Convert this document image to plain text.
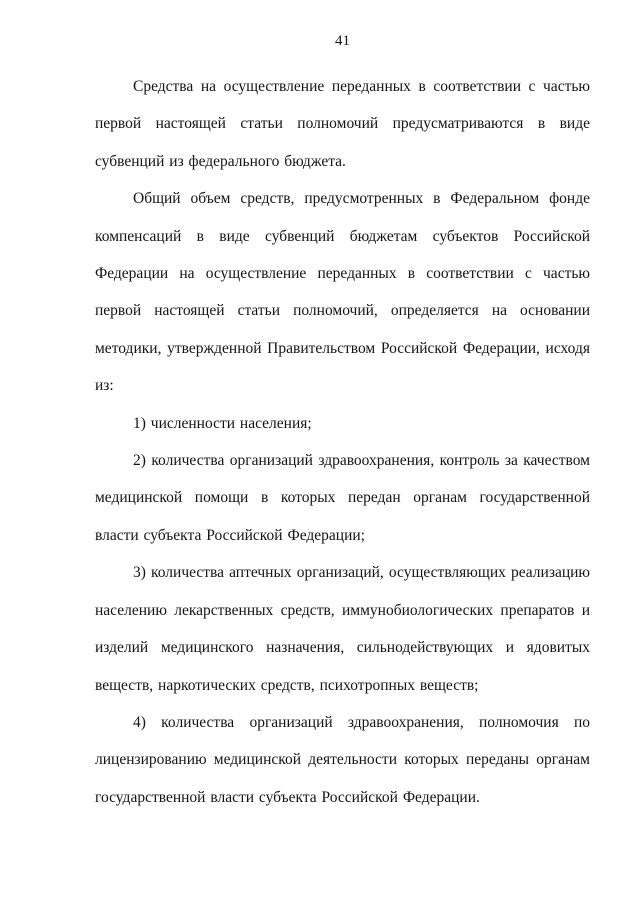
41

Средства на осуществление переданных в соответствии с частью первой настоящей статьи полномочий предусматриваются в виде субвенций из федерального бюджета.

Общий объем средств, предусмотренных в Федеральном фонде компенсаций в виде субвенций бюджетам субъектов Российской Федерации на осуществление переданных в соответствии с частью первой настоящей статьи полномочий, определяется на основании методики, утвержденной Правительством Российской Федерации, исходя из:

1) численности населения;

2) количества организаций здравоохранения, контроль за качеством медицинской помощи в которых передан органам государственной власти субъекта Российской Федерации;

3) количества аптечных организаций, осуществляющих реализацию населению лекарственных средств, иммунобиологических препаратов и изделий медицинского назначения, сильнодействующих и ядовитых веществ, наркотических средств, психотропных веществ;

4) количества организаций здравоохранения, полномочия по лицензированию медицинской деятельности которых переданы органам государственной власти субъекта Российской Федерации.
